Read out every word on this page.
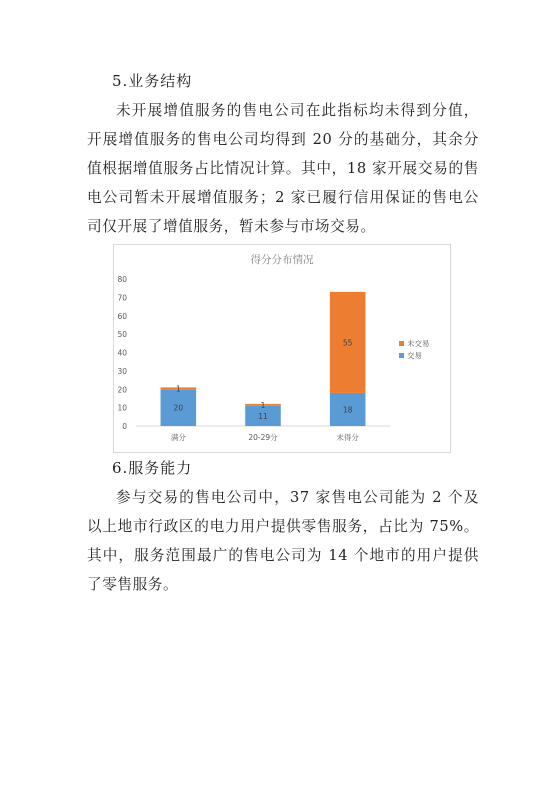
5.业务结构

未开展增值服务的售电公司在此指标均未得到分值，开展增值服务的售电公司均得到 20 分的基础分，其余分值根据增值服务占比情况计算。其中，18 家开展交易的售电公司暂未开展增值服务；2 家已履行信用保证的售电公司仅开展了增值服务，暂未参与市场交易。

得分分布情况
0
10
20
30
40
50
60
70
80
20
1
满分
11
1
20-29分
18
55
未得分
未交易
交易
6.服务能力

参与交易的售电公司中，37 家售电公司能为 2 个及以上地市行政区的电力用户提供零售服务，占比为 75%。其中，服务范围最广的售电公司为 14 个地市的用户提供了零售服务。
